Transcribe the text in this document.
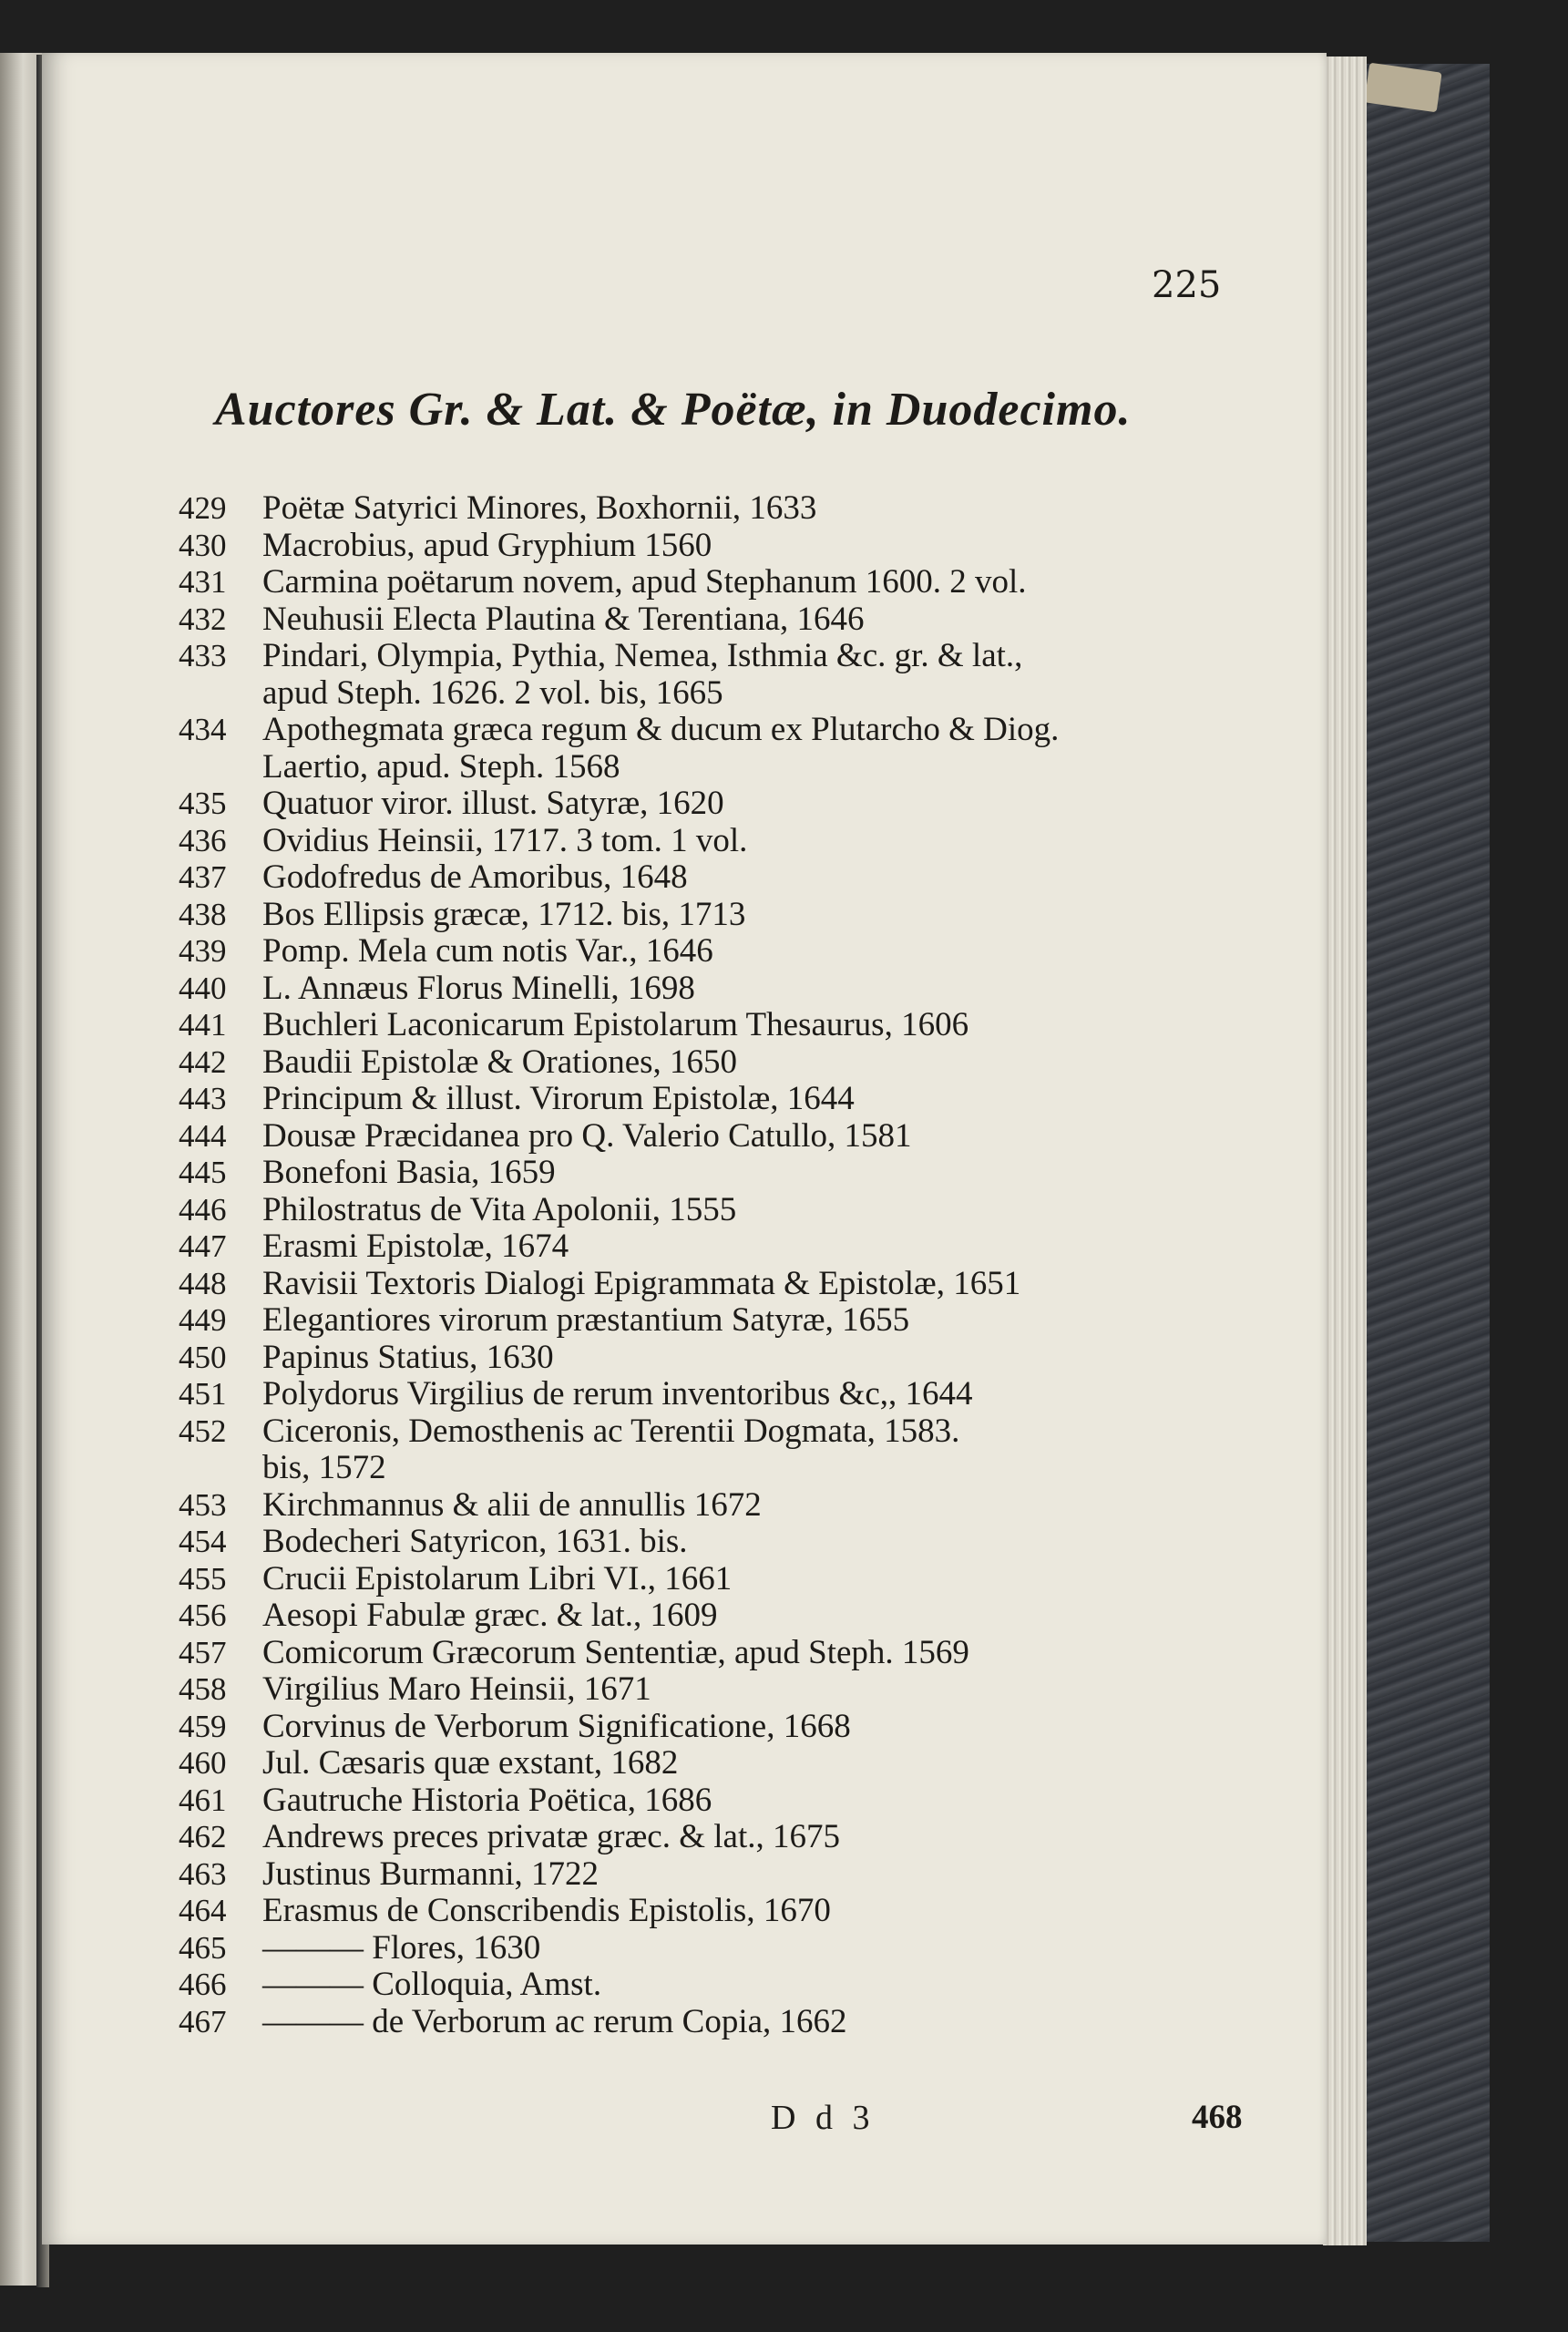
225
Auctores Gr. & Lat. & Poëtæ, in Duodecimo.
429	Poëtæ Satyrici Minores, Boxhornii, 1633
430	Macrobius, apud Gryphium 1560
431	Carmina poëtarum novem, apud Stephanum 1600. 2 vol.
432	Neuhusii Electa Plautina & Terentiana, 1646
433	Pindari, Olympia, Pythia, Nemea, Isthmia &c. gr. & lat.,
apud Steph. 1626. 2 vol. bis, 1665
434	Apothegmata græca regum & ducum ex Plutarcho & Diog.
Laertio, apud. Steph. 1568
435	Quatuor viror. illust. Satyræ, 1620
436	Ovidius Heinsii, 1717. 3 tom. 1 vol.
437	Godofredus de Amoribus, 1648
438	Bos Ellipsis græcæ, 1712. bis, 1713
439	Pomp. Mela cum notis Var., 1646
440	L. Annæus Florus Minelli, 1698
441	Buchleri Laconicarum Epistolarum Thesaurus, 1606
442	Baudii Epistolæ & Orationes, 1650
443	Principum & illust. Virorum Epistolæ, 1644
444	Dousæ Præcidanea pro Q. Valerio Catullo, 1581
445	Bonefoni Basia, 1659
446	Philostratus de Vita Apolonii, 1555
447	Erasmi Epistolæ, 1674
448	Ravisii Textoris Dialogi Epigrammata & Epistolæ, 1651
449	Elegantiores virorum præstantium Satyræ, 1655
450	Papinus Statius, 1630
451	Polydorus Virgilius de rerum inventoribus &c,, 1644
452	Ciceronis, Demosthenis ac Terentii Dogmata, 1583.
bis, 1572
453	Kirchmannus & alii de annullis 1672
454	Bodecheri Satyricon, 1631. bis.
455	Crucii Epistolarum Libri VI., 1661
456	Aesopi Fabulæ græc. & lat., 1609
457	Comicorum Græcorum Sententiæ, apud Steph. 1569
458	Virgilius Maro Heinsii, 1671
459	Corvinus de Verborum Significatione, 1668
460	Jul. Cæsaris quæ exstant, 1682
461	Gautruche Historia Poëtica, 1686
462	Andrews preces privatæ græc. & lat., 1675
463	Justinus Burmanni, 1722
464	Erasmus de Conscribendis Epistolis, 1670
465	——— Flores, 1630
466	——— Colloquia, Amst.
467	——— de Verborum ac rerum Copia, 1662
D d 3	468
